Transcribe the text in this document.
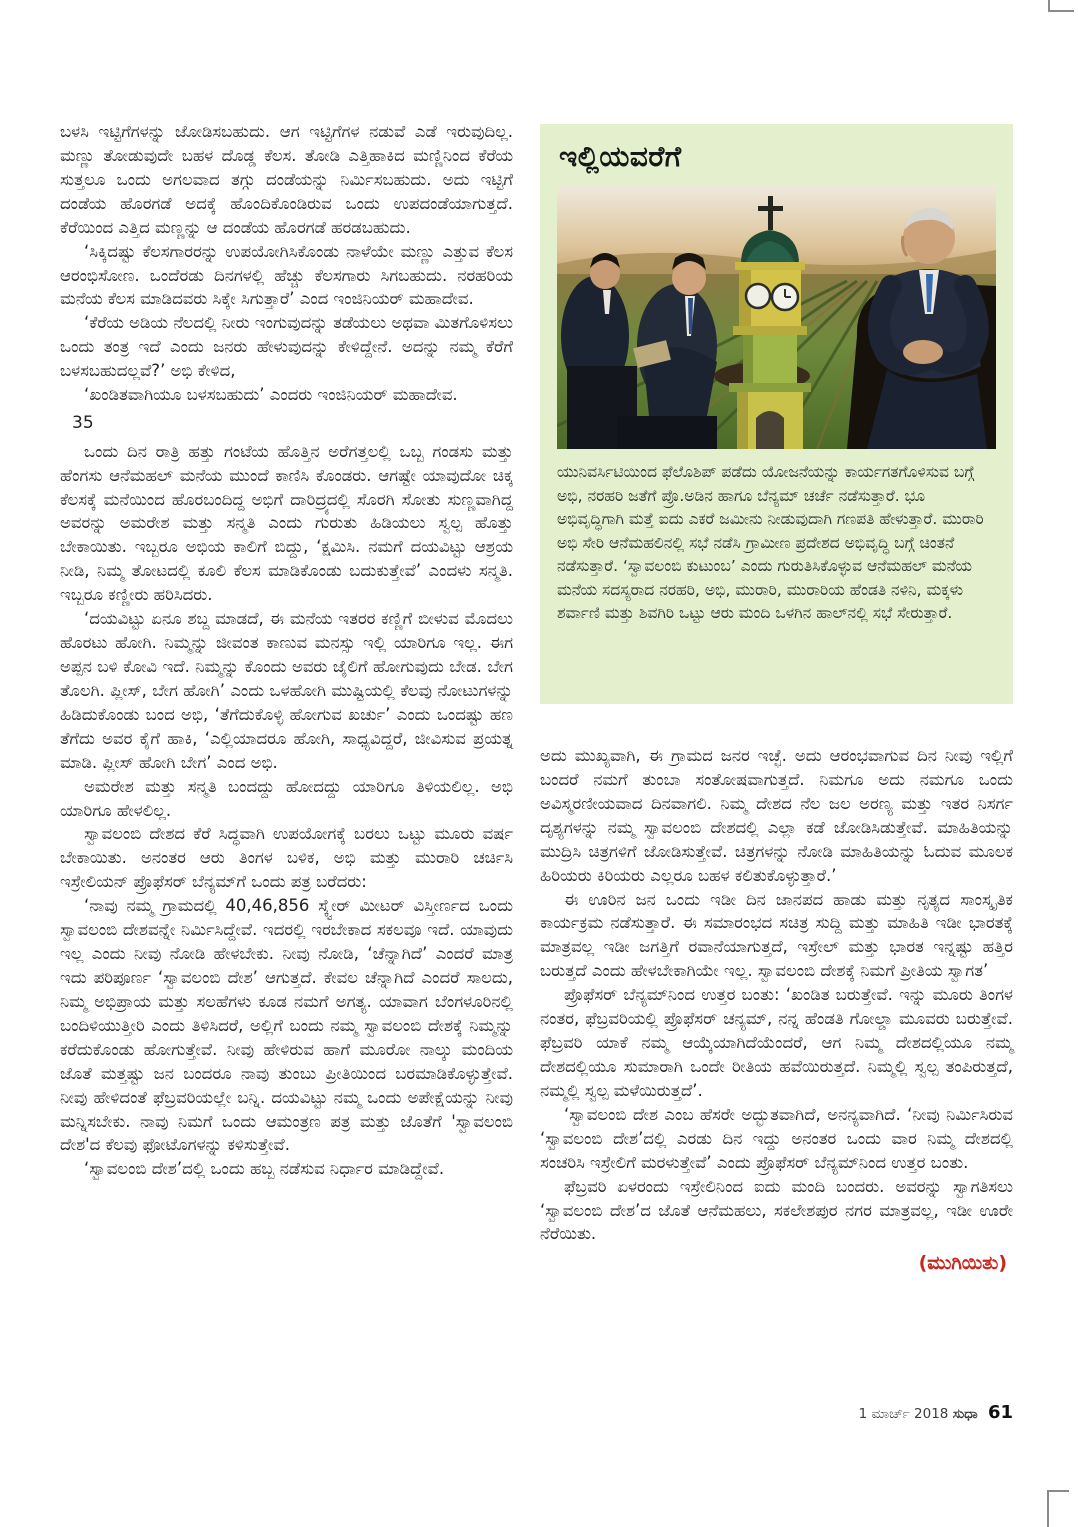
ಬಳಸಿ ಇಟ್ಟಿಗೆಗಳನ್ನು ಜೋಡಿಸಬಹುದು. ಆಗ ಇಟ್ಟಿಗೆಗಳ ನಡುವೆ ಎಡೆ ಇರುವುದಿಲ್ಲ. ಮಣ್ಣು ತೋಡುವುದೇ ಬಹಳ ದೊಡ್ಡ ಕೆಲಸ. ತೋಡಿ ಎತ್ತಿಹಾಕಿದ ಮಣ್ಣಿನಿಂದ ಕೆರೆಯ ಸುತ್ತಲೂ ಒಂದು ಅಗಲವಾದ ತಗ್ಗು ದಂಡೆಯನ್ನು ನಿರ್ಮಿಸಬಹುದು. ಅದು ಇಟ್ಟಿಗೆ ದಂಡೆಯ ಹೊರಗಡೆ ಅದಕ್ಕೆ ಹೊಂದಿಕೊಂಡಿರುವ ಒಂದು ಉಪದಂಡೆಯಾಗುತ್ತದೆ. ಕೆರೆಯಿಂದ ಎತ್ತಿದ ಮಣ್ಣನ್ನು ಆ ದಂಡೆಯ ಹೊರಗಡೆ ಹರಡಬಹುದು.

‘ಸಿಕ್ಕಿದಷ್ಟು ಕೆಲಸಗಾರರನ್ನು ಉಪಯೋಗಿಸಿಕೊಂಡು ನಾಳೆಯೇ ಮಣ್ಣು ಎತ್ತುವ ಕೆಲಸ ಆರಂಭಿಸೋಣ. ಒಂದೆರಡು ದಿನಗಳಲ್ಲಿ ಹೆಚ್ಚು ಕೆಲಸಗಾರು ಸಿಗಬಹುದು. ನರಹರಿಯ ಮನೆಯ ಕೆಲಸ ಮಾಡಿದವರು ಸಿಕ್ಕೇ ಸಿಗುತ್ತಾರೆ’ ಎಂದ ಇಂಜಿನಿಯರ್ ಮಹಾದೇವ.

‘ಕೆರೆಯ ಅಡಿಯ ನೆಲದಲ್ಲಿ ನೀರು ಇಂಗುವುದನ್ನು ತಡೆಯಲು ಅಥವಾ ಮಿತಗೊಳಿಸಲು ಒಂದು ತಂತ್ರ ಇದೆ ಎಂದು ಜನರು ಹೇಳುವುದನ್ನು ಕೇಳಿದ್ದೇನೆ. ಅದನ್ನು ನಮ್ಮ ಕೆರೆಗೆ ಬಳಸಬಹುದಲ್ಲವೆ?’ ಅಭಿ ಕೇಳಿದ,

‘ಖಂಡಿತವಾಗಿಯೂ ಬಳಸಬಹುದು’ ಎಂದರು ಇಂಜಿನಿಯರ್ ಮಹಾದೇವ.

35

ಒಂದು ದಿನ ರಾತ್ರಿ ಹತ್ತು ಗಂಟೆಯ ಹೊತ್ತಿನ ಅರೆಗತ್ತಲಲ್ಲಿ ಒಬ್ಬ ಗಂಡಸು ಮತ್ತು ಹೆಂಗಸು ಆನೆಮಹಲ್ ಮನೆಯ ಮುಂದೆ ಕಾಣಿಸಿ ಕೊಂಡರು. ಆಗಷ್ಟೇ ಯಾವುದೋ ಚಿಕ್ಕ ಕೆಲಸಕ್ಕೆ ಮನೆಯಿಂದ ಹೊರಬಂದಿದ್ದ ಅಭಿಗೆ ದಾರಿದ್ರ್ಯದಲ್ಲಿ ಸೊರಗಿ ಸೋತು ಸುಣ್ಣವಾಗಿದ್ದ ಅವರನ್ನು ಅಮರೇಶ ಮತ್ತು ಸನ್ಮತಿ ಎಂದು ಗುರುತು ಹಿಡಿಯಲು ಸ್ವಲ್ಪ ಹೊತ್ತು ಬೇಕಾಯಿತು. ಇಬ್ಬರೂ ಅಭಿಯ ಕಾಲಿಗೆ ಬಿದ್ದು, ‘ಕ್ಷಮಿಸಿ. ನಮಗೆ ದಯವಿಟ್ಟು ಆಶ್ರಯ ನೀಡಿ, ನಿಮ್ಮ ತೋಟದಲ್ಲಿ ಕೂಲಿ ಕೆಲಸ ಮಾಡಿಕೊಂಡು ಬದುಕುತ್ತೇವೆ’ ಎಂದಳು ಸನ್ಮತಿ. ಇಬ್ಬರೂ ಕಣ್ಣೀರು ಹರಿಸಿದರು.

‘ದಯವಿಟ್ಟು ಏನೂ ಶಬ್ದ ಮಾಡದೆ, ಈ ಮನೆಯ ಇತರರ ಕಣ್ಣಿಗೆ ಬೀಳುವ ಮೊದಲು ಹೊರಟು ಹೋಗಿ. ನಿಮ್ಮನ್ನು ಜೀವಂತ ಕಾಣುವ ಮನಸ್ಸು ಇಲ್ಲಿ ಯಾರಿಗೂ ಇಲ್ಲ. ಈಗ ಅಪ್ಪನ ಬಳಿ ಕೋವಿ ಇದೆ. ನಿಮ್ಮನ್ನು ಕೊಂದು ಅವರು ಜೈಲಿಗೆ ಹೋಗುವುದು ಬೇಡ. ಬೇಗ ತೊಲಗಿ. ಪ್ಲೀಸ್, ಬೇಗ ಹೋಗಿ’ ಎಂದು ಒಳಹೋಗಿ ಮುಷ್ಟಿಯಲ್ಲಿ ಕೆಲವು ನೋಟುಗಳನ್ನು ಹಿಡಿದುಕೊಂಡು ಬಂದ ಅಭಿ, ‘ತೆಗೆದುಕೊಳ್ಳಿ ಹೋಗುವ ಖರ್ಚು’ ಎಂದು ಒಂದಷ್ಟು ಹಣ ತೆಗೆದು ಅವರ ಕೈಗೆ ಹಾಕಿ, ‘ಎಲ್ಲಿಯಾದರೂ ಹೋಗಿ, ಸಾಧ್ಯವಿದ್ದರೆ, ಜೀವಿಸುವ ಪ್ರಯತ್ನ ಮಾಡಿ. ಪ್ಲೀಸ್ ಹೋಗಿ ಬೇಗ’ ಎಂದ ಅಭಿ.

ಅಮರೇಶ ಮತ್ತು ಸನ್ಮತಿ ಬಂದದ್ದು ಹೋದದ್ದು ಯಾರಿಗೂ ತಿಳಿಯಲಿಲ್ಲ. ಅಭಿ ಯಾರಿಗೂ ಹೇಳಲಿಲ್ಲ.

ಸ್ವಾವಲಂಬಿ ದೇಶದ ಕೆರೆ ಸಿದ್ಧವಾಗಿ ಉಪಯೋಗಕ್ಕೆ ಬರಲು ಒಟ್ಟು ಮೂರು ವರ್ಷ ಬೇಕಾಯಿತು. ಅನಂತರ ಆರು ತಿಂಗಳ ಬಳಿಕ, ಅಭಿ ಮತ್ತು ಮುರಾರಿ ಚರ್ಚಿಸಿ ಇಸ್ರೇಲಿಯನ್ ಪ್ರೊಫೆಸರ್ ಬೆನ್ಯಮ್‌ಗೆ ಒಂದು ಪತ್ರ ಬರೆದರು:

‘ನಾವು ನಮ್ಮ ಗ್ರಾಮದಲ್ಲಿ 40,46,856 ಸ್ಕ್ವೇರ್ ಮೀಟರ್ ವಿಸ್ತೀರ್ಣದ ಒಂದು ಸ್ವಾವಲಂಬಿ ದೇಶವನ್ನೇ ನಿರ್ಮಿಸಿದ್ದೇವೆ. ಇದರಲ್ಲಿ ಇರಬೇಕಾದ ಸಕಲವೂ ಇದೆ. ಯಾವುದು ಇಲ್ಲ ಎಂದು ನೀವು ನೋಡಿ ಹೇಳಬೇಕು. ನೀವು ನೋಡಿ, ‘ಚೆನ್ನಾಗಿದೆ’ ಎಂದರೆ ಮಾತ್ರ ಇದು ಪರಿಪೂರ್ಣ ‘ಸ್ವಾವಲಂಬಿ ದೇಶ’ ಆಗುತ್ತದೆ. ಕೇವಲ ಚೆನ್ನಾಗಿದೆ ಎಂದರೆ ಸಾಲದು, ನಿಮ್ಮ ಅಭಿಪ್ರಾಯ ಮತ್ತು ಸಲಹೆಗಳು ಕೂಡ ನಮಗೆ ಅಗತ್ಯ. ಯಾವಾಗ ಬೆಂಗಳೂರಿನಲ್ಲಿ ಬಂದಿಳಿಯುತ್ತೀರಿ ಎಂದು ತಿಳಿಸಿದರೆ, ಅಲ್ಲಿಗೆ ಬಂದು ನಮ್ಮ ಸ್ವಾವಲಂಬಿ ದೇಶಕ್ಕೆ ನಿಮ್ಮನ್ನು ಕರೆದುಕೊಂಡು ಹೋಗುತ್ತೇವೆ. ನೀವು ಹೇಳಿರುವ ಹಾಗೆ ಮೂರೋ ನಾಲ್ಕು ಮಂದಿಯ ಜೊತೆ ಮತ್ತಷ್ಟು ಜನ ಬಂದರೂ ನಾವು ತುಂಬು ಪ್ರೀತಿಯಿಂದ ಬರಮಾಡಿಕೊಳ್ಳುತ್ತೇವೆ. ನೀವು ಹೇಳಿದಂತೆ ಫೆಬ್ರವರಿಯಲ್ಲೇ ಬನ್ನಿ. ದಯವಿಟ್ಟು ನಮ್ಮ ಒಂದು ಅಪೇಕ್ಷೆಯನ್ನು ನೀವು ಮನ್ನಿಸಬೇಕು. ನಾವು ನಿಮಗೆ ಒಂದು ಆಮಂತ್ರಣ ಪತ್ರ ಮತ್ತು ಜೊತೆಗೆ 'ಸ್ವಾವಲಂಬಿ ದೇಶ'ದ ಕೆಲವು ಫೋಟೊಗಳನ್ನು ಕಳಿಸುತ್ತೇವೆ.

‘ಸ್ವಾವಲಂಬಿ ದೇಶ’ದಲ್ಲಿ ಒಂದು ಹಬ್ಬ ನಡೆಸುವ ನಿರ್ಧಾರ ಮಾಡಿದ್ದೇವೆ.

ಇಲ್ಲಿಯವರೆಗೆ
ಯುನಿವರ್ಸಿಟಿಯಿಂದ ಫೆಲೊಶಿಪ್ ಪಡೆದು ಯೋಜನೆಯನ್ನು ಕಾರ್ಯಗತಗೊಳಿಸುವ ಬಗ್ಗೆ ಅಭಿ, ನರಹರಿ ಜತೆಗೆ ಪ್ರೊ.ಅಡಿನ ಹಾಗೂ ಬೆನ್ಯಮ್ ಚರ್ಚೆ ನಡೆಸುತ್ತಾರೆ. ಭೂ ಅಭಿವೃದ್ಧಿಗಾಗಿ ಮತ್ತೆ ಐದು ಎಕರೆ ಜಮೀನು ನೀಡುವುದಾಗಿ ಗಣಪತಿ ಹೇಳುತ್ತಾರೆ. ಮುರಾರಿ ಅಭಿ ಸೇರಿ ಆನೆಮಹಲಿನಲ್ಲಿ ಸಭೆ ನಡೆಸಿ ಗ್ರಾಮೀಣ ಪ್ರದೇಶದ ಅಭಿವೃದ್ಧಿ ಬಗ್ಗೆ ಚಿಂತನೆ ನಡೆಸುತ್ತಾರೆ. ‘ಸ್ವಾವಲಂಬಿ ಕುಟುಂಬ’ ಎಂದು ಗುರುತಿಸಿಕೊಳ್ಳುವ ಆನೆಮಹಲ್ ಮನೆಯ ಮನೆಯ ಸದಸ್ಯರಾದ ನರಹರಿ, ಅಭಿ, ಮುರಾರಿ, ಮುರಾರಿಯ ಹೆಂಡತಿ ನಳಿನಿ, ಮಕ್ಕಳು ಶರ್ವಾಣಿ ಮತ್ತು ಶಿವಗಿರಿ ಒಟ್ಟು ಆರು ಮಂದಿ ಒಳಗಿನ ಹಾಲ್‌ನಲ್ಲಿ ಸಭೆ ಸೇರುತ್ತಾರೆ.

ಅದು ಮುಖ್ಯವಾಗಿ, ಈ ಗ್ರಾಮದ ಜನರ ಇಚ್ಛೆ. ಅದು ಆರಂಭವಾಗುವ ದಿನ ನೀವು ಇಲ್ಲಿಗೆ ಬಂದರೆ ನಮಗೆ ತುಂಬಾ ಸಂತೋಷವಾಗುತ್ತದೆ. ನಿಮಗೂ ಅದು ನಮಗೂ ಒಂದು ಅವಿಸ್ಮರಣೀಯವಾದ ದಿನವಾಗಲಿ. ನಿಮ್ಮ ದೇಶದ ನೆಲ ಜಲ ಅರಣ್ಯ ಮತ್ತು ಇತರ ನಿಸರ್ಗ ದೃಶ್ಯಗಳನ್ನು ನಮ್ಮ ಸ್ವಾವಲಂಬಿ ದೇಶದಲ್ಲಿ ಎಲ್ಲಾ ಕಡೆ ಜೋಡಿಸಿಡುತ್ತೇವೆ. ಮಾಹಿತಿಯನ್ನು ಮುದ್ರಿಸಿ ಚಿತ್ರಗಳಿಗೆ ಜೋಡಿಸುತ್ತೇವೆ. ಚಿತ್ರಗಳನ್ನು ನೋಡಿ ಮಾಹಿತಿಯನ್ನು ಓದುವ ಮೂಲಕ ಹಿರಿಯರು ಕಿರಿಯರು ಎಲ್ಲರೂ ಬಹಳ ಕಲಿತುಕೊಳ್ಳುತ್ತಾರೆ.’

ಈ ಊರಿನ ಜನ ಒಂದು ಇಡೀ ದಿನ ಜಾನಪದ ಹಾಡು ಮತ್ತು ನೃತ್ಯದ ಸಾಂಸ್ಕೃತಿಕ ಕಾರ್ಯಕ್ರಮ ನಡೆಸುತ್ತಾರೆ. ಈ ಸಮಾರಂಭದ ಸಚಿತ್ರ ಸುದ್ದಿ ಮತ್ತು ಮಾಹಿತಿ ಇಡೀ ಭಾರತಕ್ಕೆ ಮಾತ್ರವಲ್ಲ ಇಡೀ ಜಗತ್ತಿಗೆ ರವಾನೆಯಾಗುತ್ತದೆ, ಇಸ್ರೇಲ್ ಮತ್ತು ಭಾರತ ಇನ್ನಷ್ಟು ಹತ್ತಿರ ಬರುತ್ತದೆ ಎಂದು ಹೇಳಬೇಕಾಗಿಯೇ ಇಲ್ಲ. ಸ್ವಾವಲಂಬಿ ದೇಶಕ್ಕೆ ನಿಮಗೆ ಪ್ರೀತಿಯ ಸ್ವಾಗತ’

ಪ್ರೊಫೆಸರ್ ಬೆನ್ಯಮ್‌ನಿಂದ ಉತ್ತರ ಬಂತು: ‘ಖಂಡಿತ ಬರುತ್ತೇವೆ. ಇನ್ನು ಮೂರು ತಿಂಗಳ ನಂತರ, ಫೆಬ್ರವರಿಯಲ್ಲಿ ಪ್ರೊಫೆಸರ್ ಚನ್ಯಮ್, ನನ್ನ ಹೆಂಡತಿ ಗೋಲ್ಡಾ ಮೂವರು ಬರುತ್ತೇವೆ. ಫೆಬ್ರವರಿ ಯಾಕೆ ನಮ್ಮ ಆಯ್ಕೆಯಾಗಿದೆಯೆಂದರೆ, ಆಗ ನಿಮ್ಮ ದೇಶದಲ್ಲಿಯೂ ನಮ್ಮ ದೇಶದಲ್ಲಿಯೂ ಸುಮಾರಾಗಿ ಒಂದೇ ರೀತಿಯ ಹವೆಯಿರುತ್ತದೆ. ನಿಮ್ಮಲ್ಲಿ ಸ್ವಲ್ಪ ತಂಪಿರುತ್ತದೆ, ನಮ್ಮಲ್ಲಿ ಸ್ವಲ್ಪ ಮಳೆಯಿರುತ್ತದೆ’.

‘ಸ್ವಾವಲಂಬಿ ದೇಶ ಎಂಬ ಹೆಸರೇ ಅದ್ಭುತವಾಗಿದೆ, ಅನನ್ಯವಾಗಿದೆ. ‘ನೀವು ನಿರ್ಮಿಸಿರುವ ‘ಸ್ವಾವಲಂಬಿ ದೇಶ’ದಲ್ಲಿ ಎರಡು ದಿನ ಇದ್ದು ಅನಂತರ ಒಂದು ವಾರ ನಿಮ್ಮ ದೇಶದಲ್ಲಿ ಸಂಚರಿಸಿ ಇಸ್ರೇಲಿಗೆ ಮರಳುತ್ತೇವೆ’ ಎಂದು ಪ್ರೊಫೆಸರ್ ಬೆನ್ಯಮ್‌ನಿಂದ ಉತ್ತರ ಬಂತು.

ಫೆಬ್ರವರಿ ಏಳರಂದು ಇಸ್ರೇಲಿನಿಂದ ಐದು ಮಂದಿ ಬಂದರು. ಅವರನ್ನು ಸ್ವಾಗತಿಸಲು ‘ಸ್ವಾವಲಂಬಿ ದೇಶ’ದ ಜೊತೆ ಆನೆಮಹಲು, ಸಕಲೇಶಪುರ ನಗರ ಮಾತ್ರವಲ್ಲ, ಇಡೀ ಊರೇ ನೆರೆಯಿತು.

(ಮುಗಿಯಿತು)
1 ಮಾರ್ಚ್ 2018 ಸುಧಾ 61
